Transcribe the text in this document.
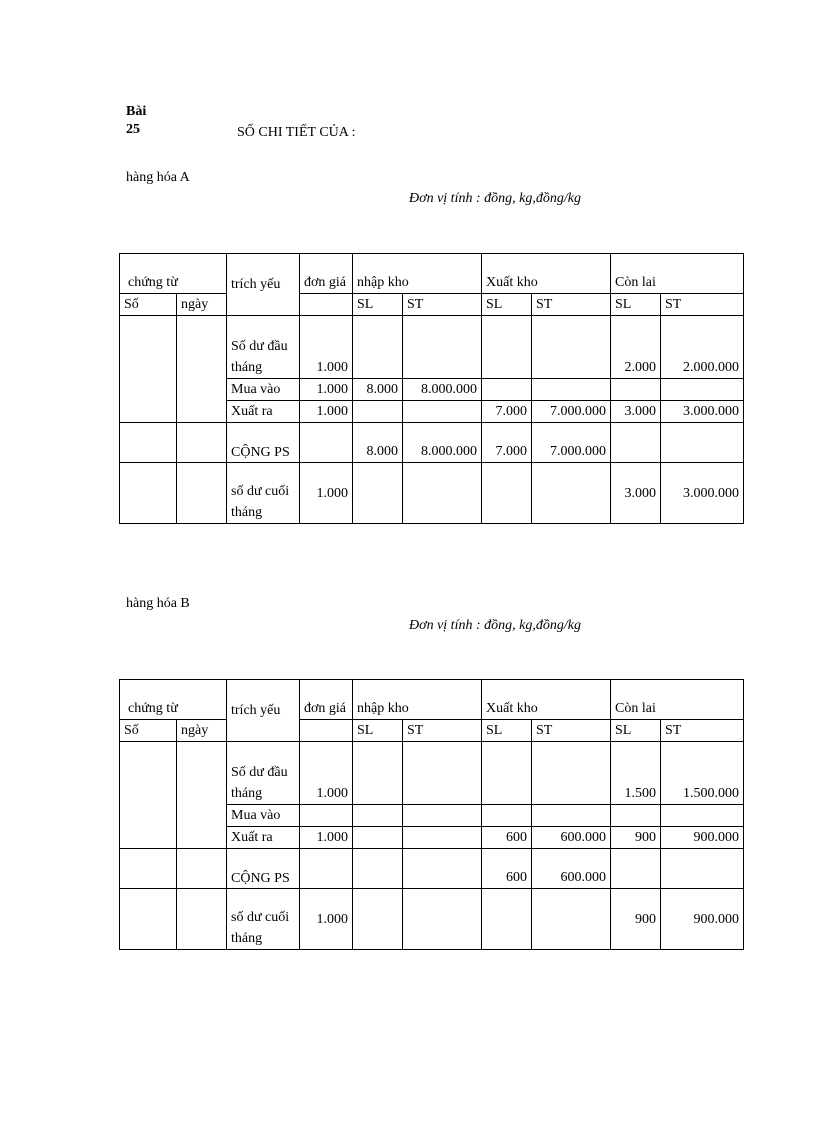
Bài
25	SỔ CHI TIẾT CỦA :
hàng hóa A
Đơn vị tính : đồng, kg,đồng/kg
chứng từ		trích yếu	đơn giá	nhập kho		Xuất kho		Còn lai	
Số	ngày			SL	ST	SL	ST	SL	ST
		Số dư đầu tháng	1.000					2.000	2.000.000
		Mua vào	1.000	8.000	8.000.000				
		Xuất ra	1.000			7.000	7.000.000	3.000	3.000.000
		CỘNG PS		8.000	8.000.000	7.000	7.000.000		
		số dư cuối tháng	1.000					3.000	3.000.000
hàng hóa B
Đơn vị tính : đồng, kg,đồng/kg
chứng từ		trích yếu	đơn giá	nhập kho		Xuất kho		Còn lai	
Số	ngày			SL	ST	SL	ST	SL	ST
		Số dư đầu tháng	1.000					1.500	1.500.000
		Mua vào							
		Xuất ra	1.000			600	600.000	900	900.000
		CỘNG PS				600	600.000		
		số dư cuối tháng	1.000					900	900.000
